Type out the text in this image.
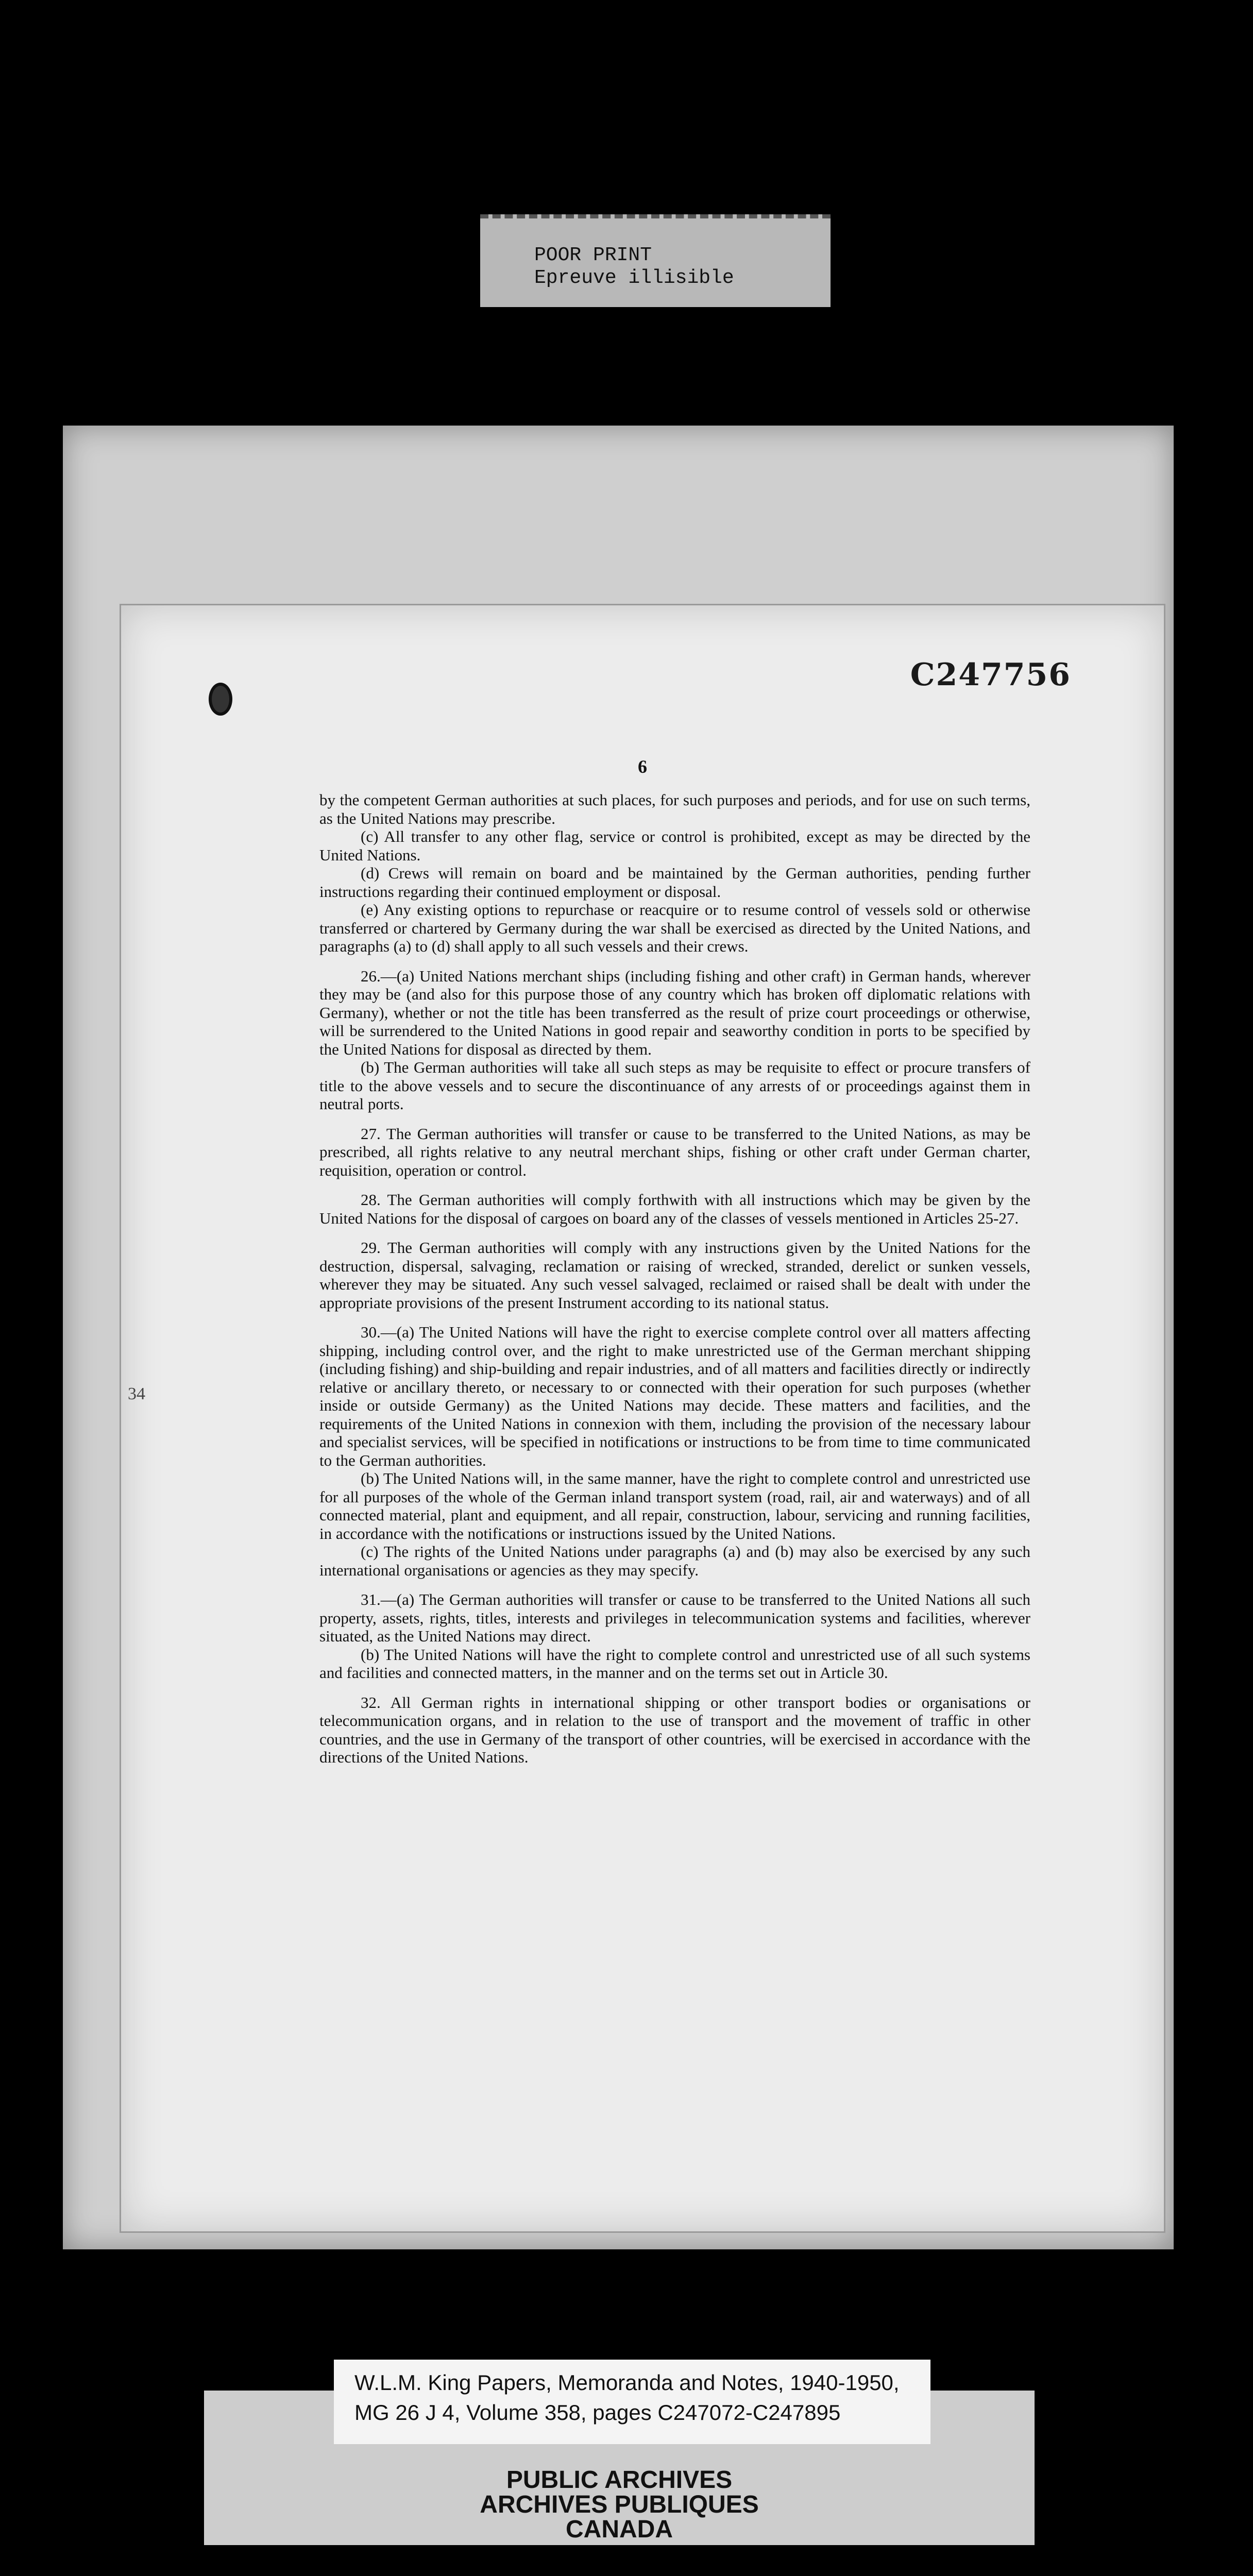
POOR PRINT
Epreuve illisible
C247756
6

by the competent German authorities at such places, for such purposes and periods, and for use on such terms, as the United Nations may prescribe.

(c) All transfer to any other flag, service or control is prohibited, except as may be directed by the United Nations.

(d) Crews will remain on board and be maintained by the German authorities, pending further instructions regarding their continued employment or disposal.

(e) Any existing options to repurchase or reacquire or to resume control of vessels sold or otherwise transferred or chartered by Germany during the war shall be exercised as directed by the United Nations, and paragraphs (a) to (d) shall apply to all such vessels and their crews.

26.—(a) United Nations merchant ships (including fishing and other craft) in German hands, wherever they may be (and also for this purpose those of any country which has broken off diplomatic relations with Germany), whether or not the title has been transferred as the result of prize court proceedings or otherwise, will be surrendered to the United Nations in good repair and seaworthy condition in ports to be specified by the United Nations for disposal as directed by them.

(b) The German authorities will take all such steps as may be requisite to effect or procure transfers of title to the above vessels and to secure the discontinuance of any arrests of or proceedings against them in neutral ports.

27. The German authorities will transfer or cause to be transferred to the United Nations, as may be prescribed, all rights relative to any neutral merchant ships, fishing or other craft under German charter, requisition, operation or control.

28. The German authorities will comply forthwith with all instructions which may be given by the United Nations for the disposal of cargoes on board any of the classes of vessels mentioned in Articles 25-27.

29. The German authorities will comply with any instructions given by the United Nations for the destruction, dispersal, salvaging, reclamation or raising of wrecked, stranded, derelict or sunken vessels, wherever they may be situated. Any such vessel salvaged, reclaimed or raised shall be dealt with under the appropriate provisions of the present Instrument according to its national status.

30.—(a) The United Nations will have the right to exercise complete control over all matters affecting shipping, including control over, and the right to make unrestricted use of the German merchant shipping (including fishing) and ship-building and repair industries, and of all matters and facilities directly or indirectly relative or ancillary thereto, or necessary to or connected with their operation for such purposes (whether inside or outside Germany) as the United Nations may decide. These matters and facilities, and the requirements of the United Nations in connexion with them, including the provision of the necessary labour and specialist services, will be specified in notifications or instructions to be from time to time communicated to the German authorities.

(b) The United Nations will, in the same manner, have the right to complete control and unrestricted use for all purposes of the whole of the German inland transport system (road, rail, air and waterways) and of all connected material, plant and equipment, and all repair, construction, labour, servicing and running facilities, in accordance with the notifications or instructions issued by the United Nations.

(c) The rights of the United Nations under paragraphs (a) and (b) may also be exercised by any such international organisations or agencies as they may specify.

31.—(a) The German authorities will transfer or cause to be transferred to the United Nations all such property, assets, rights, titles, interests and privileges in telecommunication systems and facilities, wherever situated, as the United Nations may direct.

(b) The United Nations will have the right to complete control and unrestricted use of all such systems and facilities and connected matters, in the manner and on the terms set out in Article 30.

32. All German rights in international shipping or other transport bodies or organisations or telecommunication organs, and in relation to the use of transport and the movement of traffic in other countries, and the use in Germany of the transport of other countries, will be exercised in accordance with the directions of the United Nations.

34
PUBLIC ARCHIVES
ARCHIVES PUBLIQUES
CANADA
W.L.M. King Papers, Memoranda and Notes, 1940-1950,
MG 26 J 4, Volume 358, pages C247072-C247895
